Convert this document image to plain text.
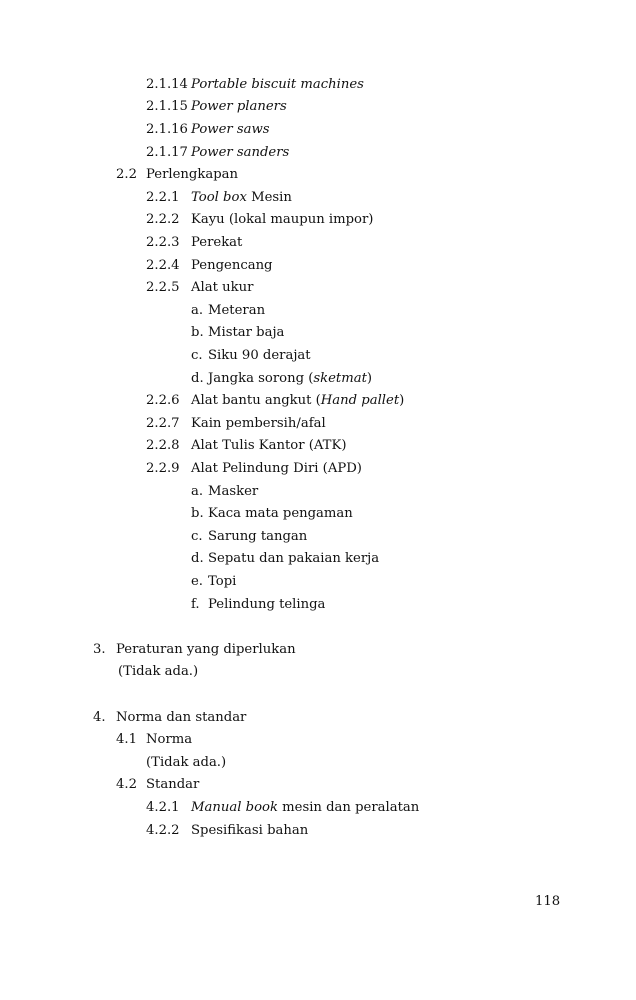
2.1.14 Portable biscuit machines
2.1.15 Power planers
2.1.16 Power saws
2.1.17 Power sanders
2.2 Perlengkapan
2.2.1 Tool box Mesin
2.2.2 Kayu (lokal maupun impor)
2.2.3 Perekat
2.2.4 Pengencang
2.2.5 Alat ukur
a. Meteran
b. Mistar baja
c. Siku 90 derajat
d. Jangka sorong (sketmat)
2.2.6 Alat bantu angkut (Hand pallet)
2.2.7 Kain pembersih/afal
2.2.8 Alat Tulis Kantor (ATK)
2.2.9 Alat Pelindung Diri (APD)
a. Masker
b. Kaca mata pengaman
c. Sarung tangan
d. Sepatu dan pakaian kerja
e. Topi
f. Pelindung telinga
3. Peraturan yang diperlukan
(Tidak ada.)
4. Norma dan standar
4.1 Norma
(Tidak ada.)
4.2 Standar
4.2.1 Manual book mesin dan peralatan
4.2.2 Spesifikasi bahan
118
